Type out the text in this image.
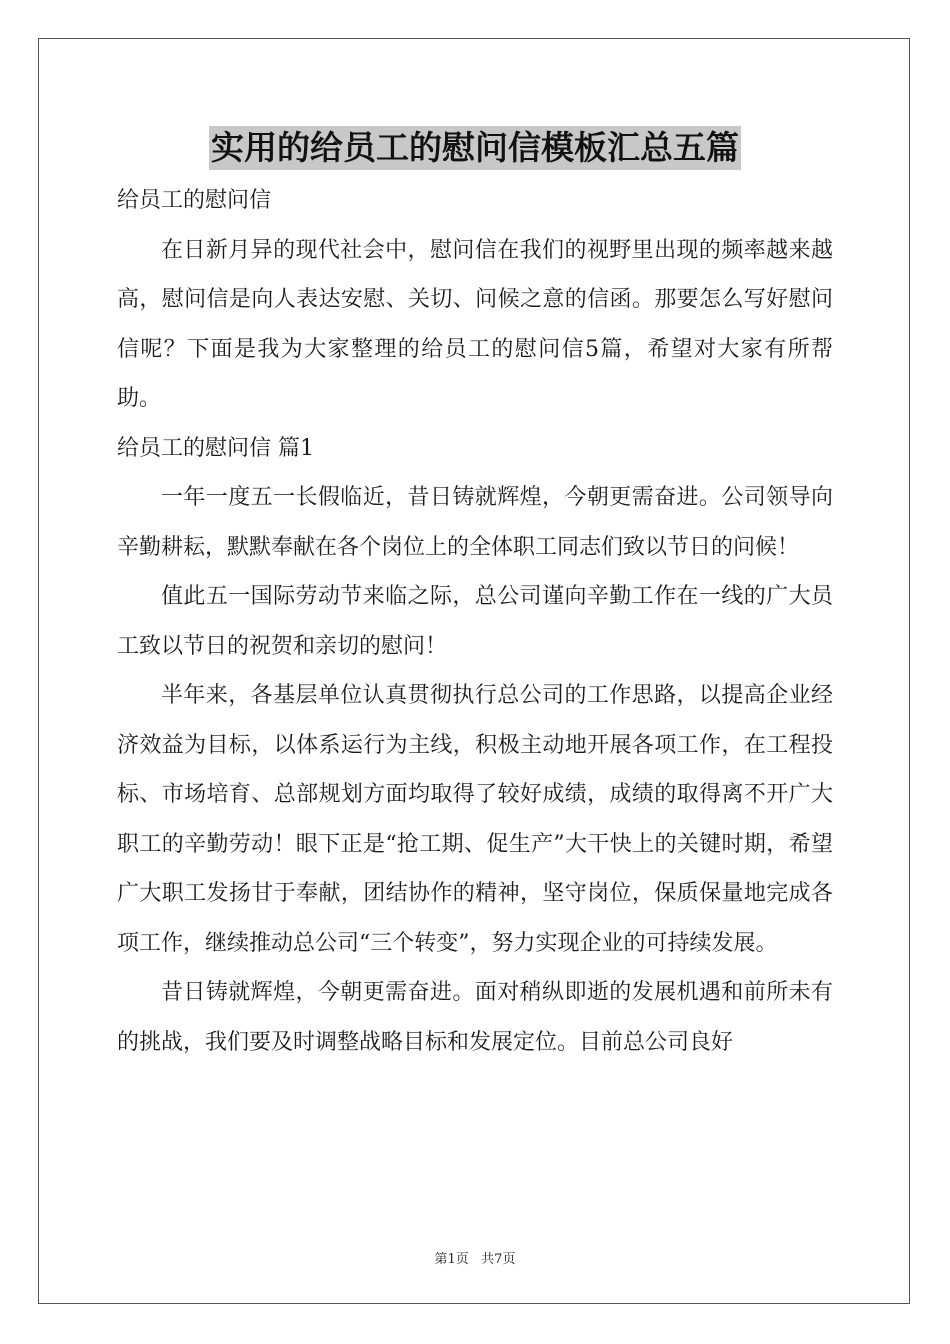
实用的给员工的慰问信模板汇总五篇

给员工的慰问信

在日新月异的现代社会中，慰问信在我们的视野里出现的频率越来越高，慰问信是向人表达安慰、关切、问候之意的信函。那要怎么写好慰问信呢？下面是我为大家整理的给员工的慰问信5篇，希望对大家有所帮助。

给员工的慰问信 篇1

一年一度五一长假临近，昔日铸就辉煌，今朝更需奋进。公司领导向辛勤耕耘，默默奉献在各个岗位上的全体职工同志们致以节日的问候！

值此五一国际劳动节来临之际，总公司谨向辛勤工作在一线的广大员工致以节日的祝贺和亲切的慰问！

半年来，各基层单位认真贯彻执行总公司的工作思路，以提高企业经济效益为目标，以体系运行为主线，积极主动地开展各项工作，在工程投标、市场培育、总部规划方面均取得了较好成绩，成绩的取得离不开广大职工的辛勤劳动！眼下正是“抢工期、促生产”大干快上的关键时期，希望广大职工发扬甘于奉献，团结协作的精神，坚守岗位，保质保量地完成各项工作，继续推动总公司“三个转变”，努力实现企业的可持续发展。

昔日铸就辉煌，今朝更需奋进。面对稍纵即逝的发展机遇和前所未有的挑战，我们要及时调整战略目标和发展定位。目前总公司良好

第1页   共7页
